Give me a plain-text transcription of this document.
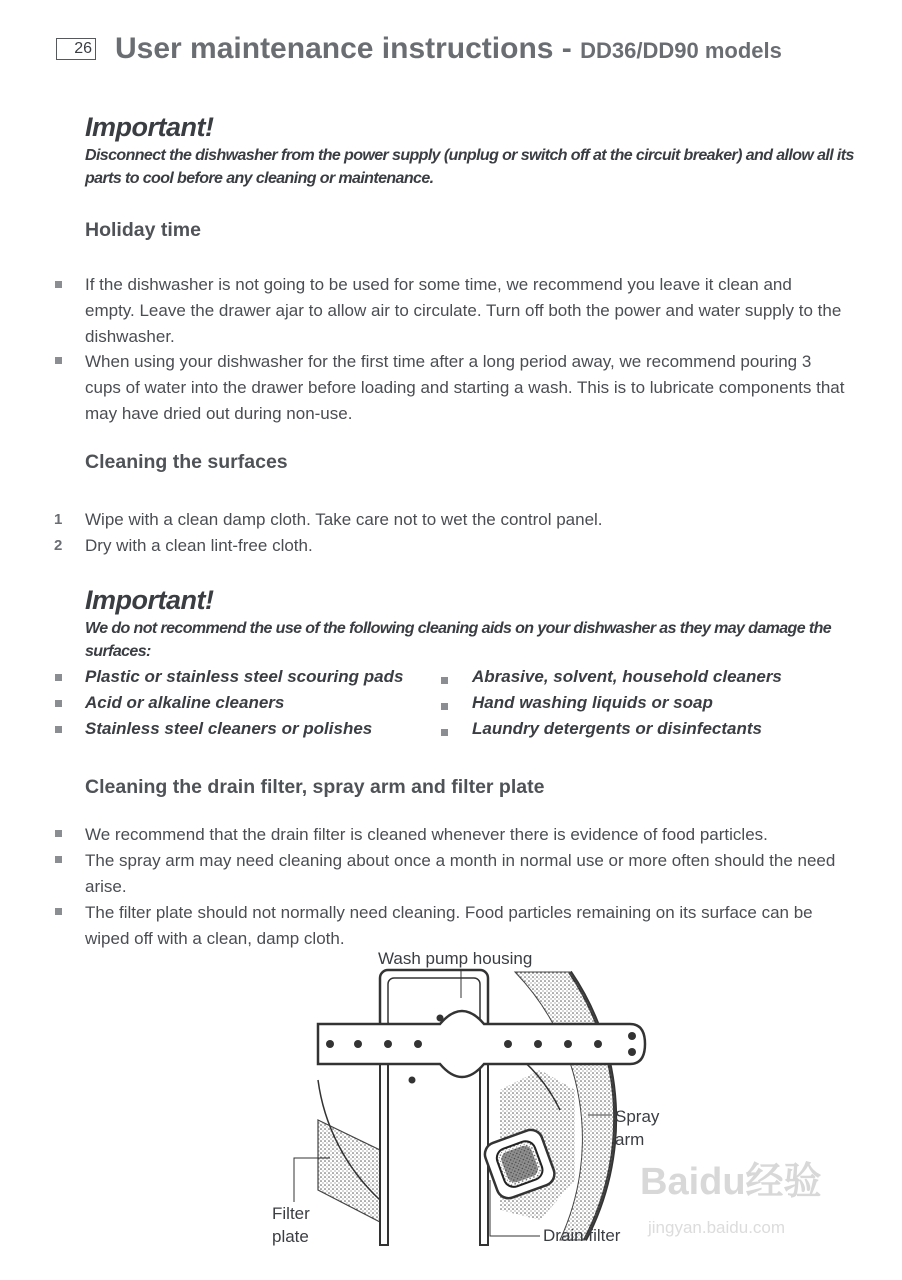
26 User maintenance instructions - DD36/DD90 models
Important!
Disconnect the dishwasher from the power supply (unplug or switch off at the circuit breaker) and allow all its parts to cool before any cleaning or maintenance.
Holiday time
If the dishwasher is not going to be used for some time, we recommend you leave it clean and empty. Leave the drawer ajar to allow air to circulate. Turn off both the power and water supply to the dishwasher.
When using your dishwasher for the first time after a long period away, we recommend pouring 3 cups of water into the drawer before loading and starting a wash. This is to lubricate components that may have dried out during non-use.
Cleaning the surfaces
1 Wipe with a clean damp cloth. Take care not to wet the control panel.
2 Dry with a clean lint-free cloth.
Important!
We do not recommend the use of the following cleaning aids on your dishwasher as they may damage the surfaces:
Plastic or stainless steel scouring pads
Acid or alkaline cleaners
Stainless steel cleaners or polishes
Abrasive, solvent, household cleaners
Hand washing liquids or soap
Laundry detergents or disinfectants
Cleaning the drain filter, spray arm and filter plate
We recommend that the drain filter is cleaned whenever there is evidence of food particles.
The spray arm may need cleaning about once a month in normal use or more often should the need arise.
The filter plate should not normally need cleaning. Food particles remaining on its surface can be wiped off with a clean, damp cloth.
Wash pump housing
Spray
arm
Filter
plate	Drain filter
Baidu经验
jingyan.baidu.com
